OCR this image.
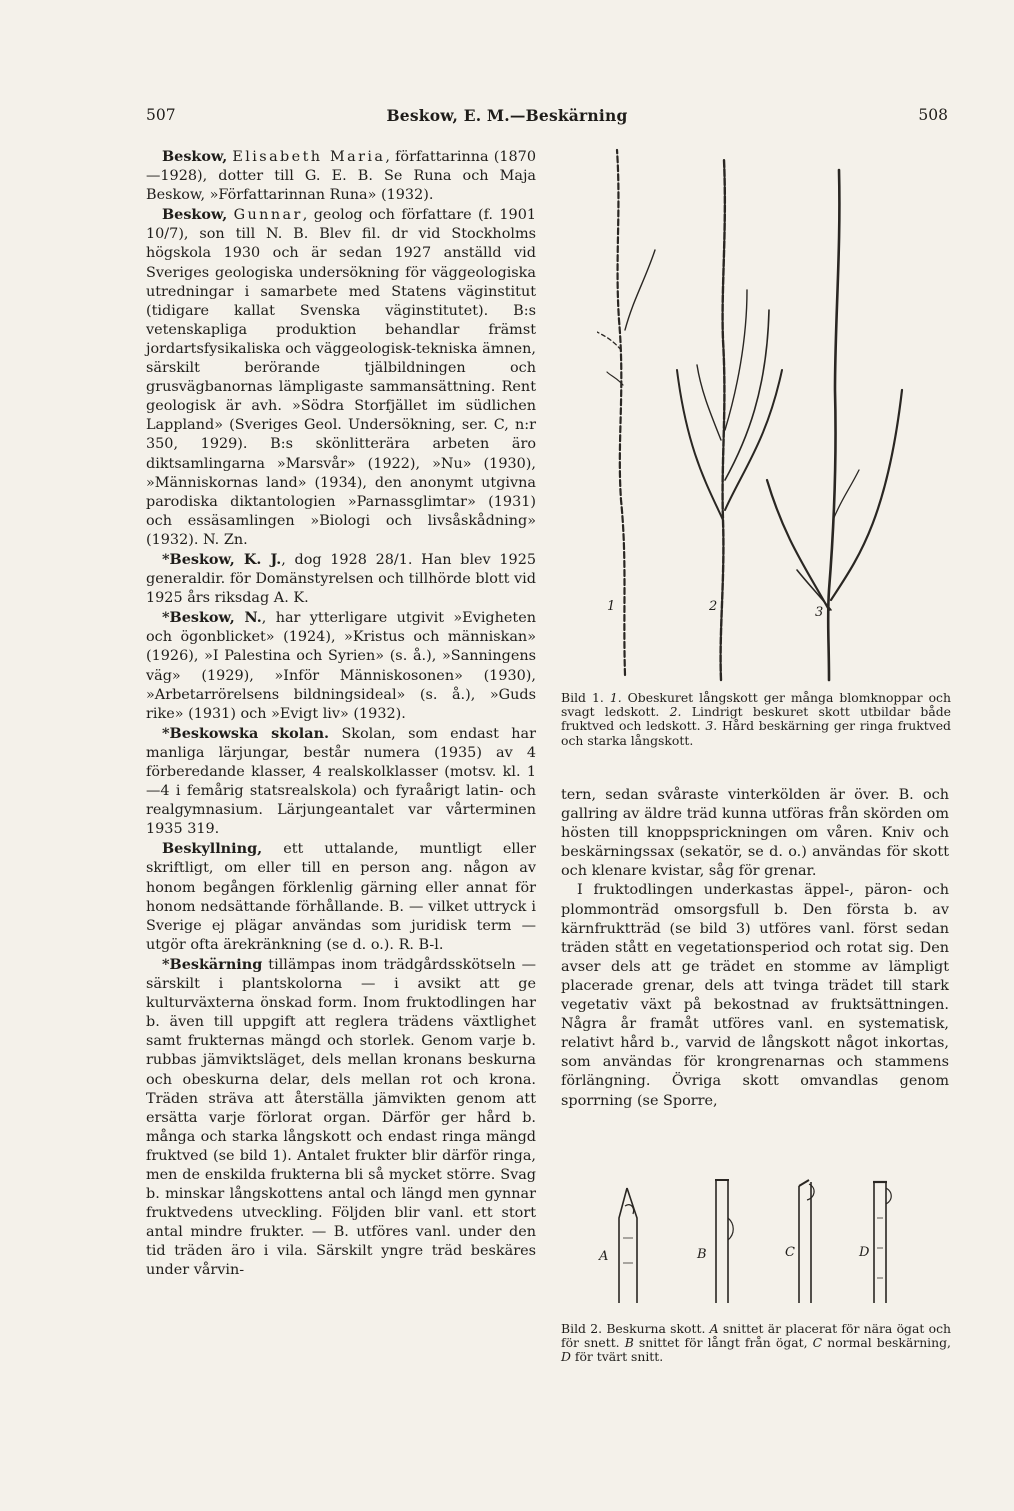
507	Beskow, E. M.—Beskärning	508

Beskow, Elisabeth Maria, författarinna (1870—1928), dotter till G. E. B. Se Runa och Maja Beskow, »Författarinnan Runa» (1932).

Beskow, Gunnar, geolog och författare (f. 1901 10/7), son till N. B. Blev fil. dr vid Stockholms högskola 1930 och är sedan 1927 anställd vid Sveriges geologiska undersökning för väggeologiska utredningar i samarbete med Statens väginstitut (tidigare kallat Svenska väginstitutet). B:s vetenskapliga produktion behandlar främst jordartsfysikaliska och väggeologisk-tekniska ämnen, särskilt berörande tjälbildningen och grusvägbanornas lämpligaste sammansättning. Rent geologisk är avh. »Södra Storfjället im südlichen Lappland» (Sveriges Geol. Undersökning, ser. C, n:r 350, 1929). B:s skönlitterära arbeten äro diktsamlingarna »Marsvår» (1922), »Nu» (1930), »Människornas land» (1934), den anonymt utgivna parodiska diktantologien »Parnassglimtar» (1931) och essäsamlingen »Biologi och livsåskådning» (1932). N. Zn.

*Beskow, K. J., dog 1928 28/1. Han blev 1925 generaldir. för Domänstyrelsen och tillhörde blott vid 1925 års riksdag A. K.

*Beskow, N., har ytterligare utgivit »Evigheten och ögonblicket» (1924), »Kristus och människan» (1926), »I Palestina och Syrien» (s. å.), »Sanningens väg» (1929), »Inför Människosonen» (1930), »Arbetarrörelsens bildningsideal» (s. å.), »Guds rike» (1931) och »Evigt liv» (1932).

*Beskowska skolan. Skolan, som endast har manliga lärjungar, består numera (1935) av 4 förberedande klasser, 4 realskolklasser (motsv. kl. 1—4 i femårig statsrealskola) och fyraårigt latin- och realgymnasium. Lärjungeantalet var vårterminen 1935 319.

Beskyllning, ett uttalande, muntligt eller skriftligt, om eller till en person ang. någon av honom begången förklenlig gärning eller annat för honom nedsättande förhållande. B. — vilket uttryck i Sverige ej plägar användas som juridisk term — utgör ofta ärekränkning (se d. o.). R. B-l.

*Beskärning tillämpas inom trädgårdsskötseln — särskilt i plantskolorna — i avsikt att ge kulturväxterna önskad form. Inom fruktodlingen har b. även till uppgift att reglera trädens växtlighet samt frukternas mängd och storlek. Genom varje b. rubbas jämviktsläget, dels mellan kronans beskurna och obeskurna delar, dels mellan rot och krona. Träden sträva att återställa jämvikten genom att ersätta varje förlorat organ. Därför ger hård b. många och starka långskott och endast ringa mängd fruktved (se bild 1). Antalet frukter blir därför ringa, men de enskilda frukterna bli så mycket större. Svag b. minskar långskottens antal och längd men gynnar fruktvedens utveckling. Följden blir vanl. ett stort antal mindre frukter. — B. utföres vanl. under den tid träden äro i vila. Särskilt yngre träd beskäres under vårvin-

1	2	3
Bild 1. 1. Obeskuret långskott ger många blomknoppar och svagt ledskott. 2. Lindrigt beskuret skott utbildar både fruktved och ledskott. 3. Hård beskärning ger ringa fruktved och starka långskott.

tern, sedan svåraste vinterkölden är över. B. och gallring av äldre träd kunna utföras från skörden om hösten till knoppsprickningen om våren. Kniv och beskärningssax (sekatör, se d. o.) användas för skott och klenare kvistar, såg för grenar.

I fruktodlingen underkastas äppel-, päron- och plommonträd omsorgsfull b. Den första b. av kärnfruktträd (se bild 3) utföres vanl. först sedan träden stått en vegetationsperiod och rotat sig. Den avser dels att ge trädet en stomme av lämpligt placerade grenar, dels att tvinga trädet till stark vegetativ växt på bekostnad av fruktsättningen. Några år framåt utföres vanl. en systematisk, relativt hård b., varvid de långskott något inkortas, som användas för krongrenarnas och stammens förlängning. Övriga skott omvandlas genom sporrning (se Sporre,

A	B	C	D
Bild 2. Beskurna skott. A snittet är placerat för nära ögat och för snett. B snittet för långt från ögat, C normal beskärning, D för tvärt snitt.
